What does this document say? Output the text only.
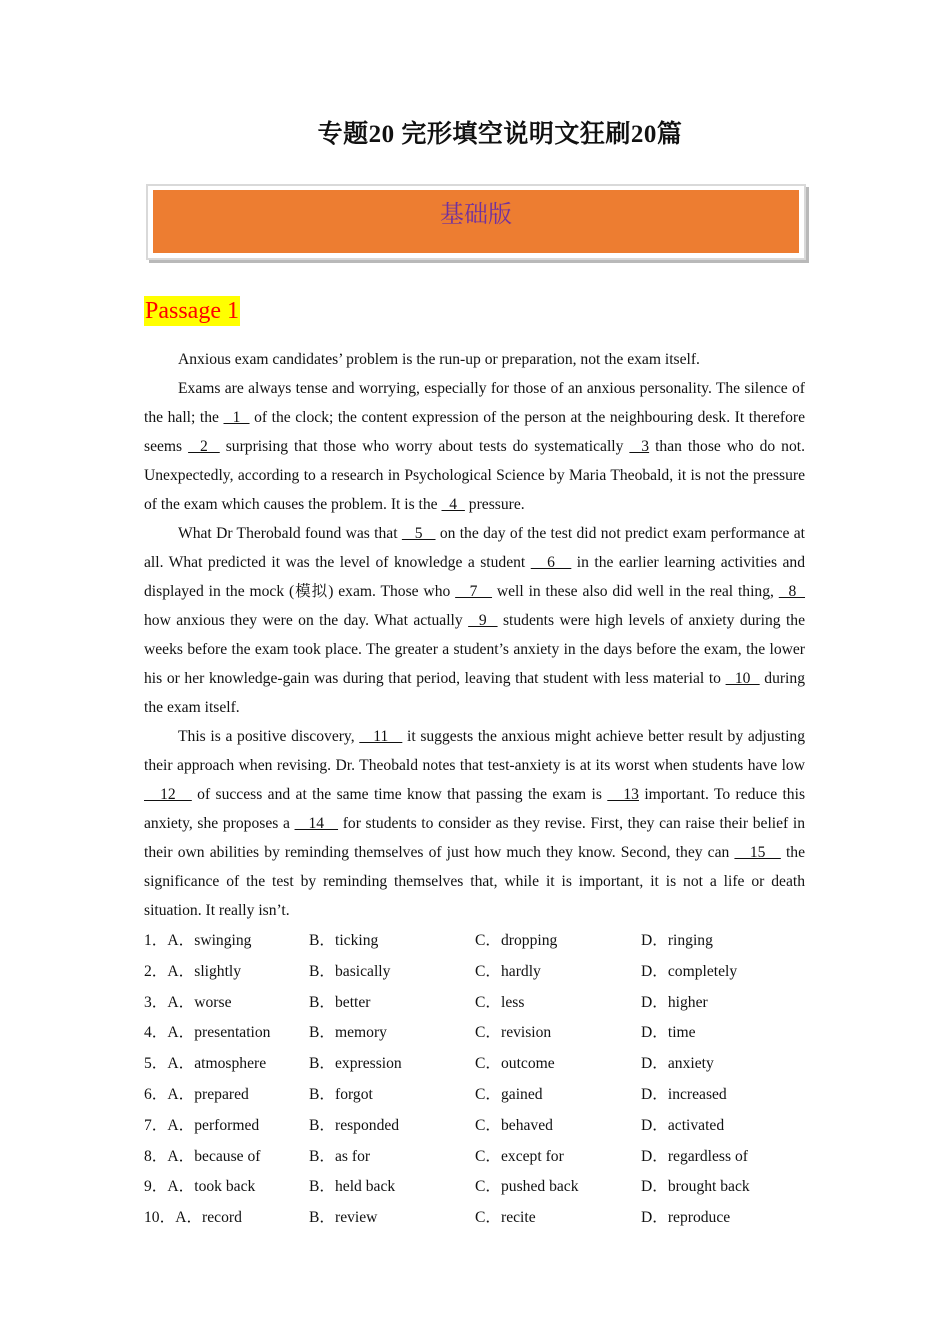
专题20 完形填空说明文狂刷20篇
基础版
Passage 1

Anxious exam candidates’ problem is the run-up or preparation, not the exam itself.

Exams are always tense and worrying, especially for those of an anxious personality. The silence of the hall; the   1   of the clock; the content expression of the person at the neighbouring desk. It therefore seems   2   surprising that those who worry about tests do systematically   3 than those who do not. Unexpectedly, according to a research in Psychological Science by Maria Theobald, it is not the pressure of the exam which causes the problem. It is the   4   pressure.

What Dr Therobald found was that    5    on the day of the test did not predict exam performance at all. What predicted it was the level of knowledge a student    6    in the earlier learning activities and displayed in the mock (模拟) exam. Those who    7    well in these also did well in the real thing,   8   how anxious they were on the day. What actually   9   students were high levels of anxiety during the weeks before the exam took place. The greater a student’s anxiety in the days before the exam, the lower his or her knowledge-gain was during that period, leaving that student with less material to   10   during the exam itself.

This is a positive discovery,    11    it suggests the anxious might achieve better result by adjusting their approach when revising. Dr. Theobald notes that test-anxiety is at its worst when students have low    12    of success and at the same time know that passing the exam is    13 important. To reduce this anxiety, she proposes a    14    for students to consider as they revise. First, they can raise their belief in their own abilities by reminding themselves of just how much they know. Second, they can    15    the significance of the test by reminding themselves that, while it is important, it is not a life or death situation. It really isn’t.

1．A．swinging	B．ticking	C．dropping	D．ringing
2．A．slightly	B．basically	C．hardly	D．completely
3．A．worse	B．better	C．less	D．higher
4．A．presentation B．memory	C．revision	D．time
5．A．atmosphere	B．expression	C．outcome	D．anxiety
6．A．prepared	B．forgot	C．gained	D．increased
7．A．performed	B．responded	C．behaved	D．activated
8．A．because of	B．as for	C．except for	D．regardless of
9．A．took back	B．held back	C．pushed back	D．brought back
10．A．record	B．review	C．recite	D．reproduce
